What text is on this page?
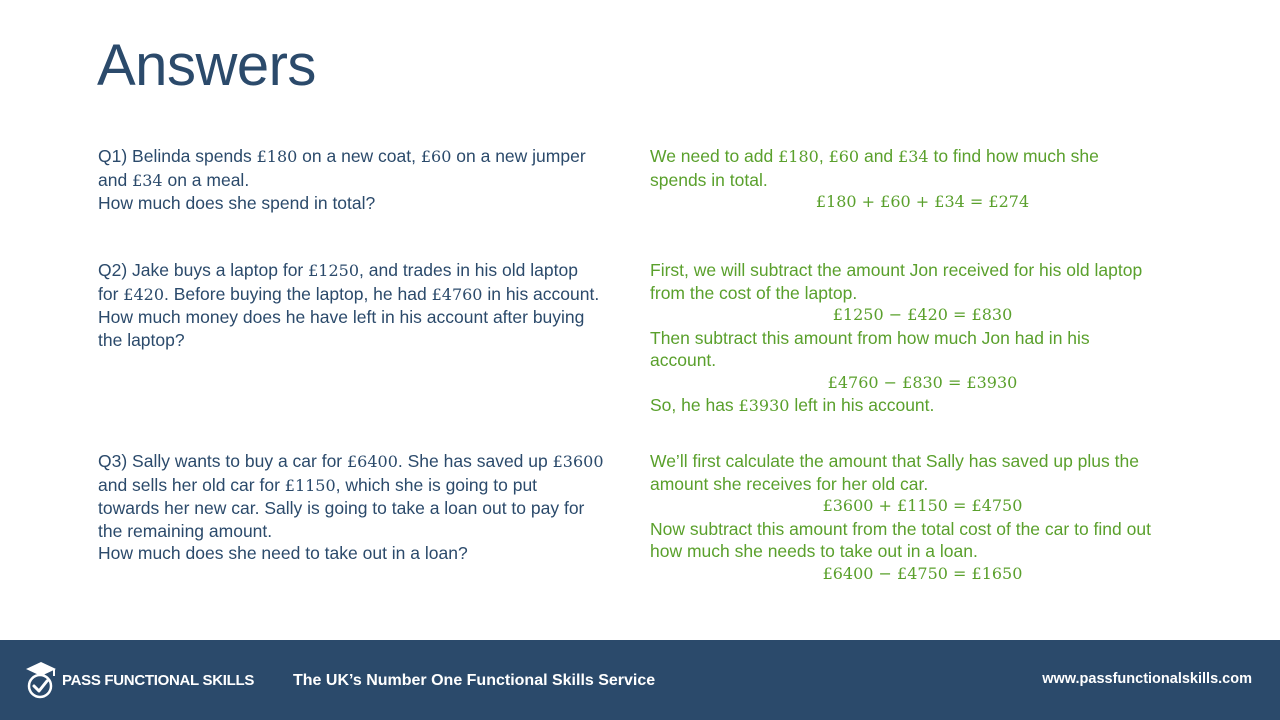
Answers

Q1) Belinda spends £180 on a new coat, £60 on a new jumper

and £34 on a meal.

How much does she spend in total?

We need to add £180, £60 and £34 to find how much she

spends in total.

£180 + £60 + £34 = £274

Q2) Jake buys a laptop for £1250, and trades in his old laptop

for £420. Before buying the laptop, he had £4760 in his account.

How much money does he have left in his account after buying

the laptop?

First, we will subtract the amount Jon received for his old laptop

from the cost of the laptop.

£1250 − £420 = £830

Then subtract this amount from how much Jon had in his

account.

£4760 − £830 = £3930

So, he has £3930 left in his account.

Q3) Sally wants to buy a car for £6400. She has saved up £3600

and sells her old car for £1150, which she is going to put

towards her new car. Sally is going to take a loan out to pay for

the remaining amount.

How much does she need to take out in a loan?

We’ll first calculate the amount that Sally has saved up plus the

amount she receives for her old car.

£3600 + £1150 = £4750

Now subtract this amount from the total cost of the car to find out

how much she needs to take out in a loan.

£6400 − £4750 = £1650

PASS FUNCTIONAL SKILLS The UK’s Number One Functional Skills Service	www.passfunctionalskills.com
